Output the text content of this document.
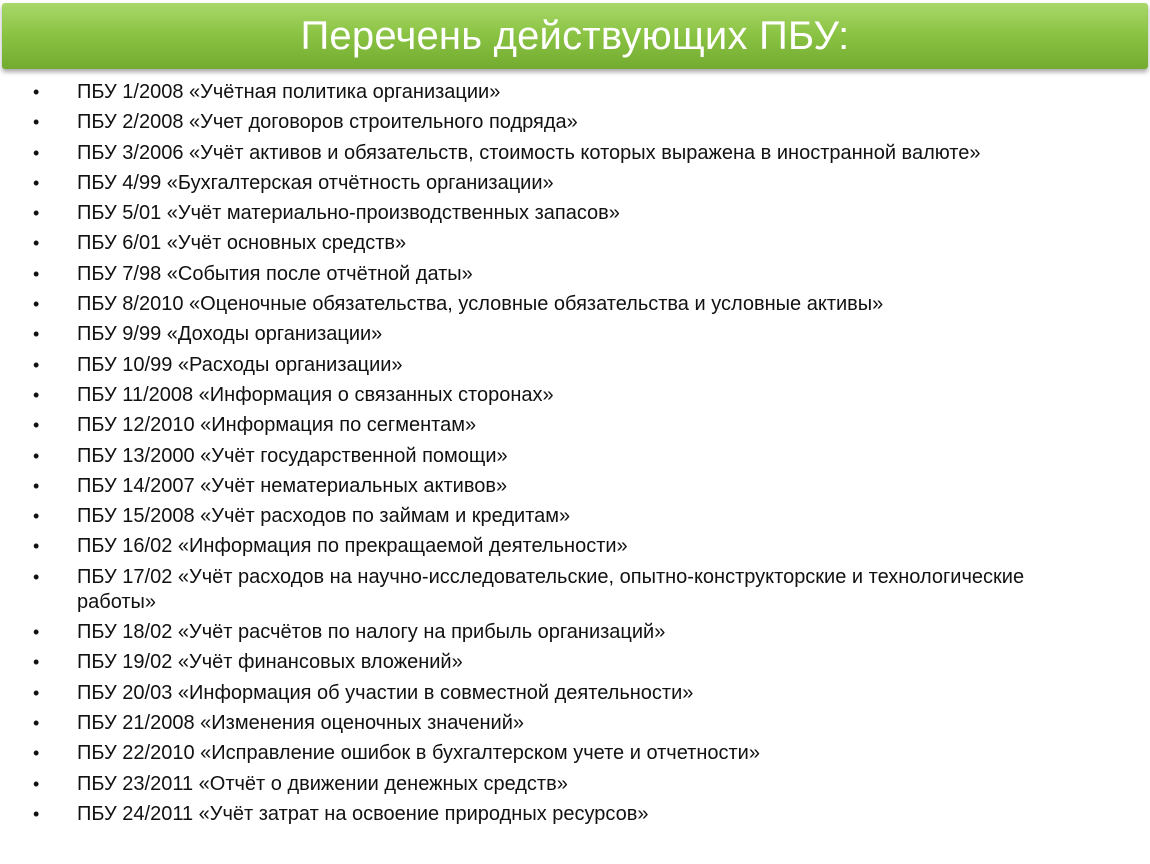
Перечень действующих ПБУ:
• ПБУ 1/2008 «Учётная политика организации»
• ПБУ 2/2008 «Учет договоров строительного подряда»
• ПБУ 3/2006 «Учёт активов и обязательств, стоимость которых выражена в иностранной валюте»
• ПБУ 4/99 «Бухгалтерская отчётность организации»
• ПБУ 5/01 «Учёт материально-производственных запасов»
• ПБУ 6/01 «Учёт основных средств»
• ПБУ 7/98 «События после отчётной даты»
• ПБУ 8/2010 «Оценочные обязательства, условные обязательства и условные активы»
• ПБУ 9/99 «Доходы организации»
• ПБУ 10/99 «Расходы организации»
• ПБУ 11/2008 «Информация о связанных сторонах»
• ПБУ 12/2010 «Информация по сегментам»
• ПБУ 13/2000 «Учёт государственной помощи»
• ПБУ 14/2007 «Учёт нематериальных активов»
• ПБУ 15/2008 «Учёт расходов по займам и кредитам»
• ПБУ 16/02 «Информация по прекращаемой деятельности»
• ПБУ 17/02 «Учёт расходов на научно-исследовательские, опытно-конструкторские и технологические работы»
• ПБУ 18/02 «Учёт расчётов по налогу на прибыль организаций»
• ПБУ 19/02 «Учёт финансовых вложений»
• ПБУ 20/03 «Информация об участии в совместной деятельности»
• ПБУ 21/2008 «Изменения оценочных значений»
• ПБУ 22/2010 «Исправление ошибок в бухгалтерском учете и отчетности»
• ПБУ 23/2011 «Отчёт о движении денежных средств»
• ПБУ 24/2011 «Учёт затрат на освоение природных ресурсов»
